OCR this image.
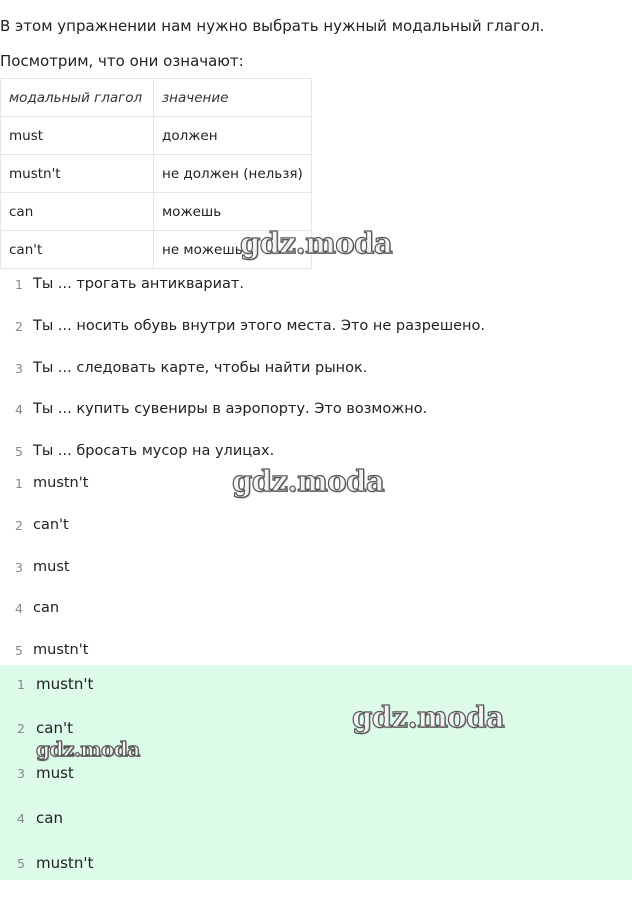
В этом упражнении нам нужно выбрать нужный модальный глагол.
Посмотрим, что они означают:
модальный глагол	значение
must	должен
mustn't	не должен (нельзя)
can	можешь
can't	не можешь
1 Ты ... трогать антиквариат.
2 Ты ... носить обувь внутри этого места. Это не разрешено.
3 Ты ... следовать карте, чтобы найти рынок.
4 Ты ... купить сувениры в аэропорту. Это возможно.
5 Ты ... бросать мусор на улицах.
1 mustn't
2 can't
3 must
4 can
5 mustn't
1 mustn't
2 can't
3 must
4 can
5 mustn't
gdz.moda
gdz.moda
gdz.moda
gdz.moda
